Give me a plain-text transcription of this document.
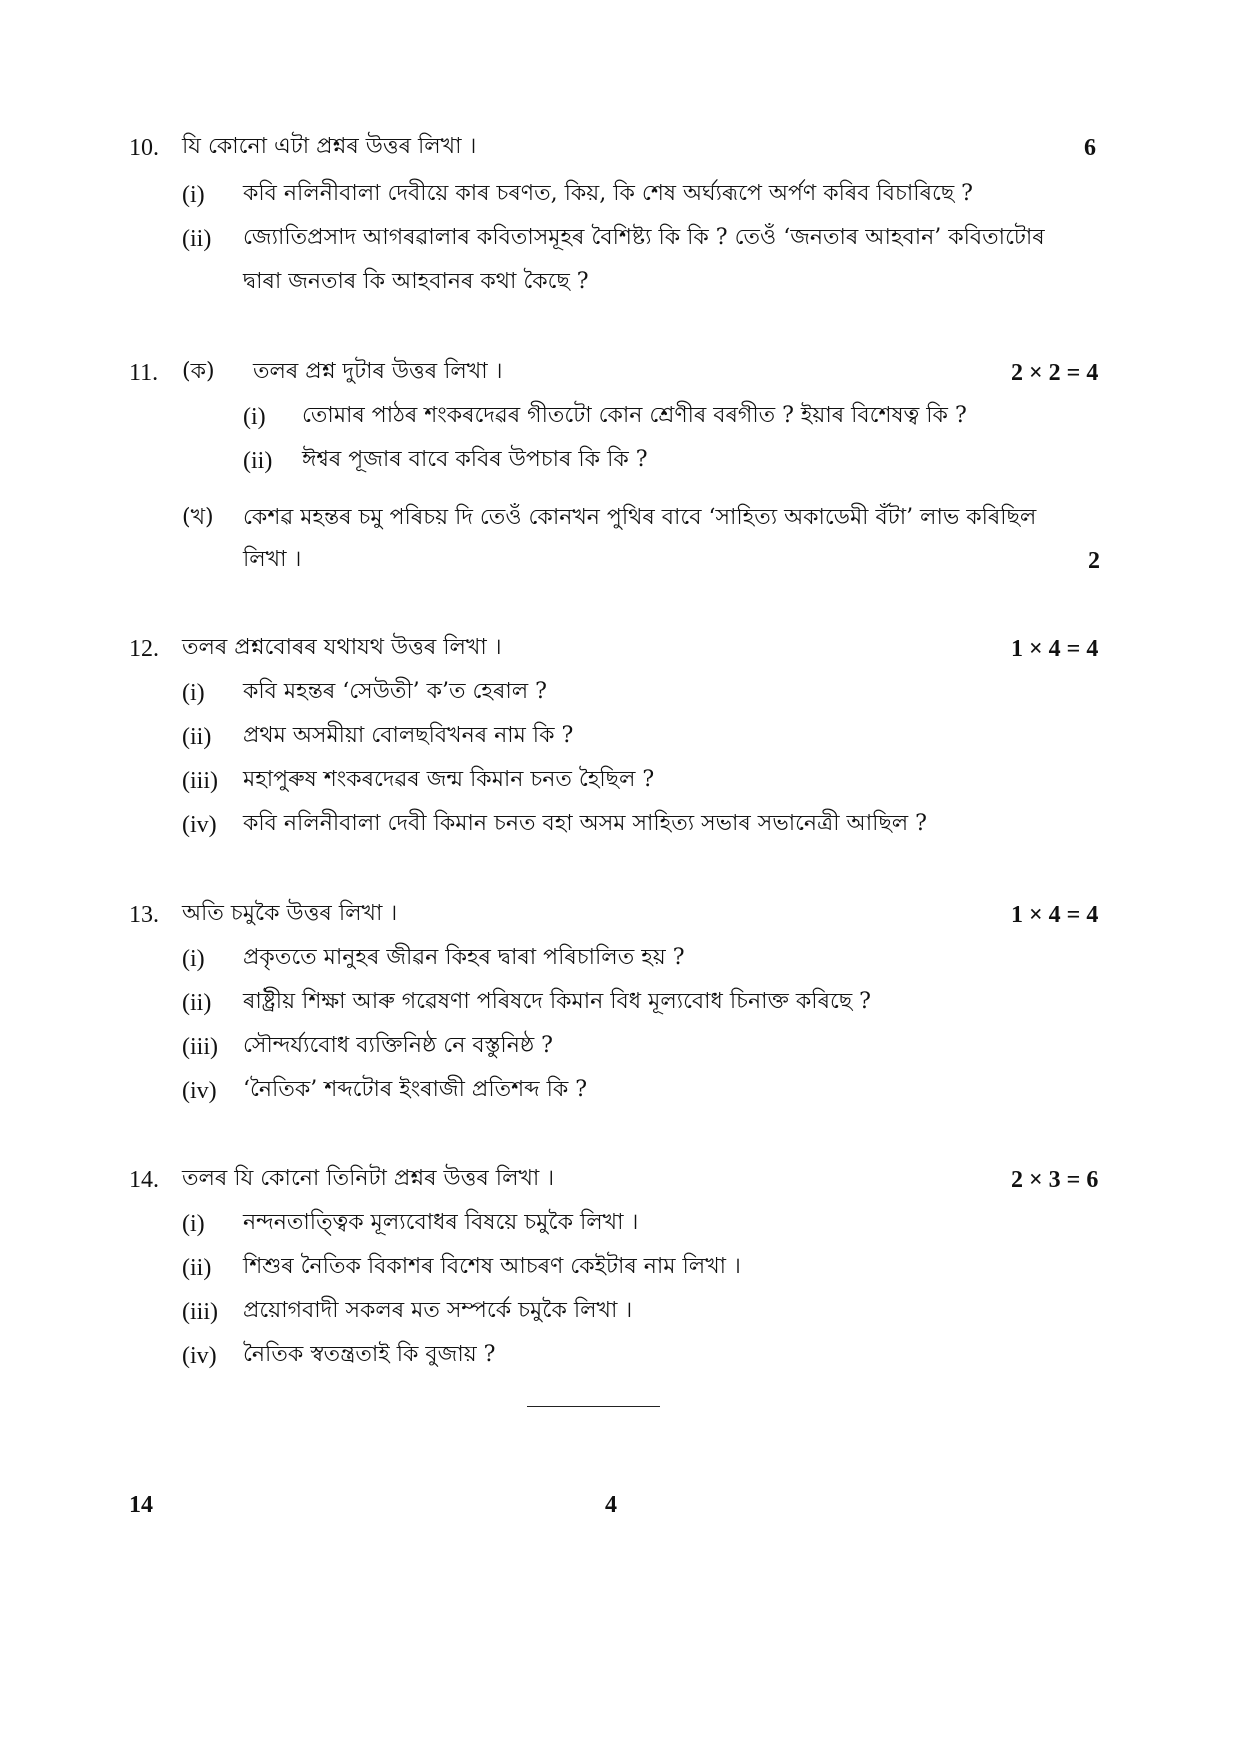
10. যি কোনো এটা প্ৰশ্নৰ উত্তৰ লিখা ।	6
(i) কবি নলিনীবালা দেবীয়ে কাৰ চৰণত, কিয়, কি শেষ অৰ্ঘ্যৰূপে অৰ্পণ কৰিব বিচাৰিছে ?
(ii) জ্যোতিপ্ৰসাদ আগৰৱালাৰ কবিতাসমূহৰ বৈশিষ্ট্য কি কি ? তেওঁ ‘জনতাৰ আহবান’ কবিতাটোৰ
দ্বাৰা জনতাৰ কি আহবানৰ কথা কৈছে ?
11. (ক) তলৰ প্ৰশ্ন দুটাৰ উত্তৰ লিখা ।	2 × 2 = 4
(i) তোমাৰ পাঠৰ শংকৰদেৱৰ গীতটো কোন শ্ৰেণীৰ বৰগীত ? ইয়াৰ বিশেষত্ব কি ?
(ii) ঈশ্বৰ পূজাৰ বাবে কবিৰ উপচাৰ কি কি ?
(খ) কেশৱ মহন্তৰ চমু পৰিচয় দি তেওঁ কোনখন পুথিৰ বাবে ‘সাহিত্য অকাডেমী বঁটা’ লাভ কৰিছিল
লিখা ।	2
12. তলৰ প্ৰশ্নবোৰৰ যথাযথ উত্তৰ লিখা ।	1 × 4 = 4
(i) কবি মহন্তৰ ‘সেউতী’ ক’ত হেৰাল ?
(ii) প্ৰথম অসমীয়া বোলছবিখনৰ নাম কি ?
(iii) মহাপুৰুষ শংকৰদেৱৰ জন্ম কিমান চনত হৈছিল ?
(iv) কবি নলিনীবালা দেবী কিমান চনত বহা অসম সাহিত্য সভাৰ সভানেত্ৰী আছিল ?
13. অতি চমুকৈ উত্তৰ লিখা ।	1 × 4 = 4
(i) প্ৰকৃততে মানুহৰ জীৱন কিহৰ দ্বাৰা পৰিচালিত হয় ?
(ii) ৰাষ্ট্ৰীয় শিক্ষা আৰু গৱেষণা পৰিষদে কিমান বিধ মূল্যবোধ চিনাক্ত কৰিছে ?
(iii) সৌন্দৰ্য্যবোধ ব্যক্তিনিষ্ঠ নে বস্তুনিষ্ঠ ?
(iv) ‘নৈতিক’ শব্দটোৰ ইংৰাজী প্ৰতিশব্দ কি ?
14. তলৰ যি কোনো তিনিটা প্ৰশ্নৰ উত্তৰ লিখা ।	2 × 3 = 6
(i) নন্দনতাত্ত্বিক মূল্যবোধৰ বিষয়ে চমুকৈ লিখা ।
(ii) শিশুৰ নৈতিক বিকাশৰ বিশেষ আচৰণ কেইটাৰ নাম লিখা ।
(iii) প্ৰয়োগবাদী সকলৰ মত সম্পৰ্কে চমুকৈ লিখা ।
(iv) নৈতিক স্বতন্ত্ৰতাই কি বুজায় ?
14	4
